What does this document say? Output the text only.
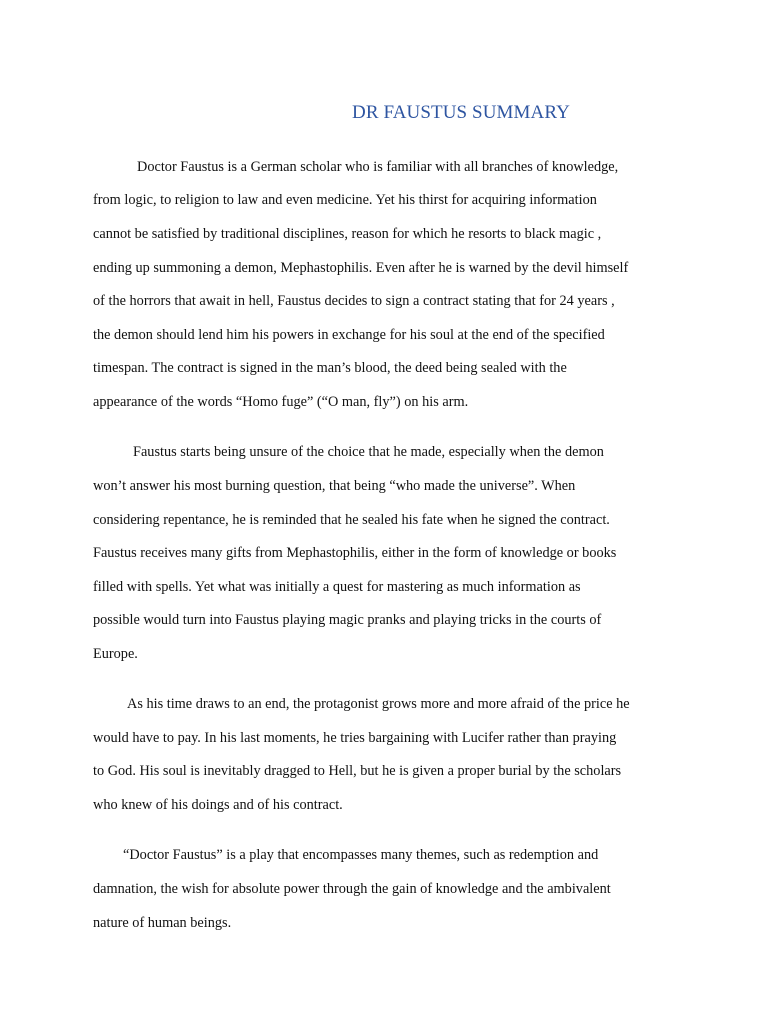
DR FAUSTUS SUMMARY

Doctor Faustus is a German scholar who is familiar with all branches of knowledge,

from logic, to religion to law and even medicine. Yet his thirst for acquiring information

cannot be satisfied by traditional disciplines, reason for which he resorts to black magic ,

ending up summoning a demon, Mephastophilis. Even after he is warned by the devil himself

of the horrors that await in hell, Faustus decides to sign a contract stating that for 24 years ,

the demon should lend him his powers in exchange for his soul at the end of the specified

timespan. The contract is signed in the man’s blood, the deed being sealed with the

appearance of the words “Homo fuge” (“O man, fly”) on his arm.

Faustus starts being unsure of the choice that he made, especially when the demon

won’t answer his most burning question, that being “who made the universe”. When

considering repentance, he is reminded that he sealed his fate when he signed the contract.

Faustus receives many gifts from Mephastophilis, either in the form of knowledge or books

filled with spells. Yet what was initially a quest for mastering as much information as

possible would turn into Faustus playing magic pranks and playing tricks in the courts of

Europe.

As his time draws to an end, the protagonist grows more and more afraid of the price he

would have to pay. In his last moments, he tries bargaining with Lucifer rather than praying

to God. His soul is inevitably dragged to Hell, but he is given a proper burial by the scholars

who knew of his doings and of his contract.

“Doctor Faustus” is a play that encompasses many themes, such as redemption and

damnation, the wish for absolute power through the gain of knowledge and the ambivalent

nature of human beings.
